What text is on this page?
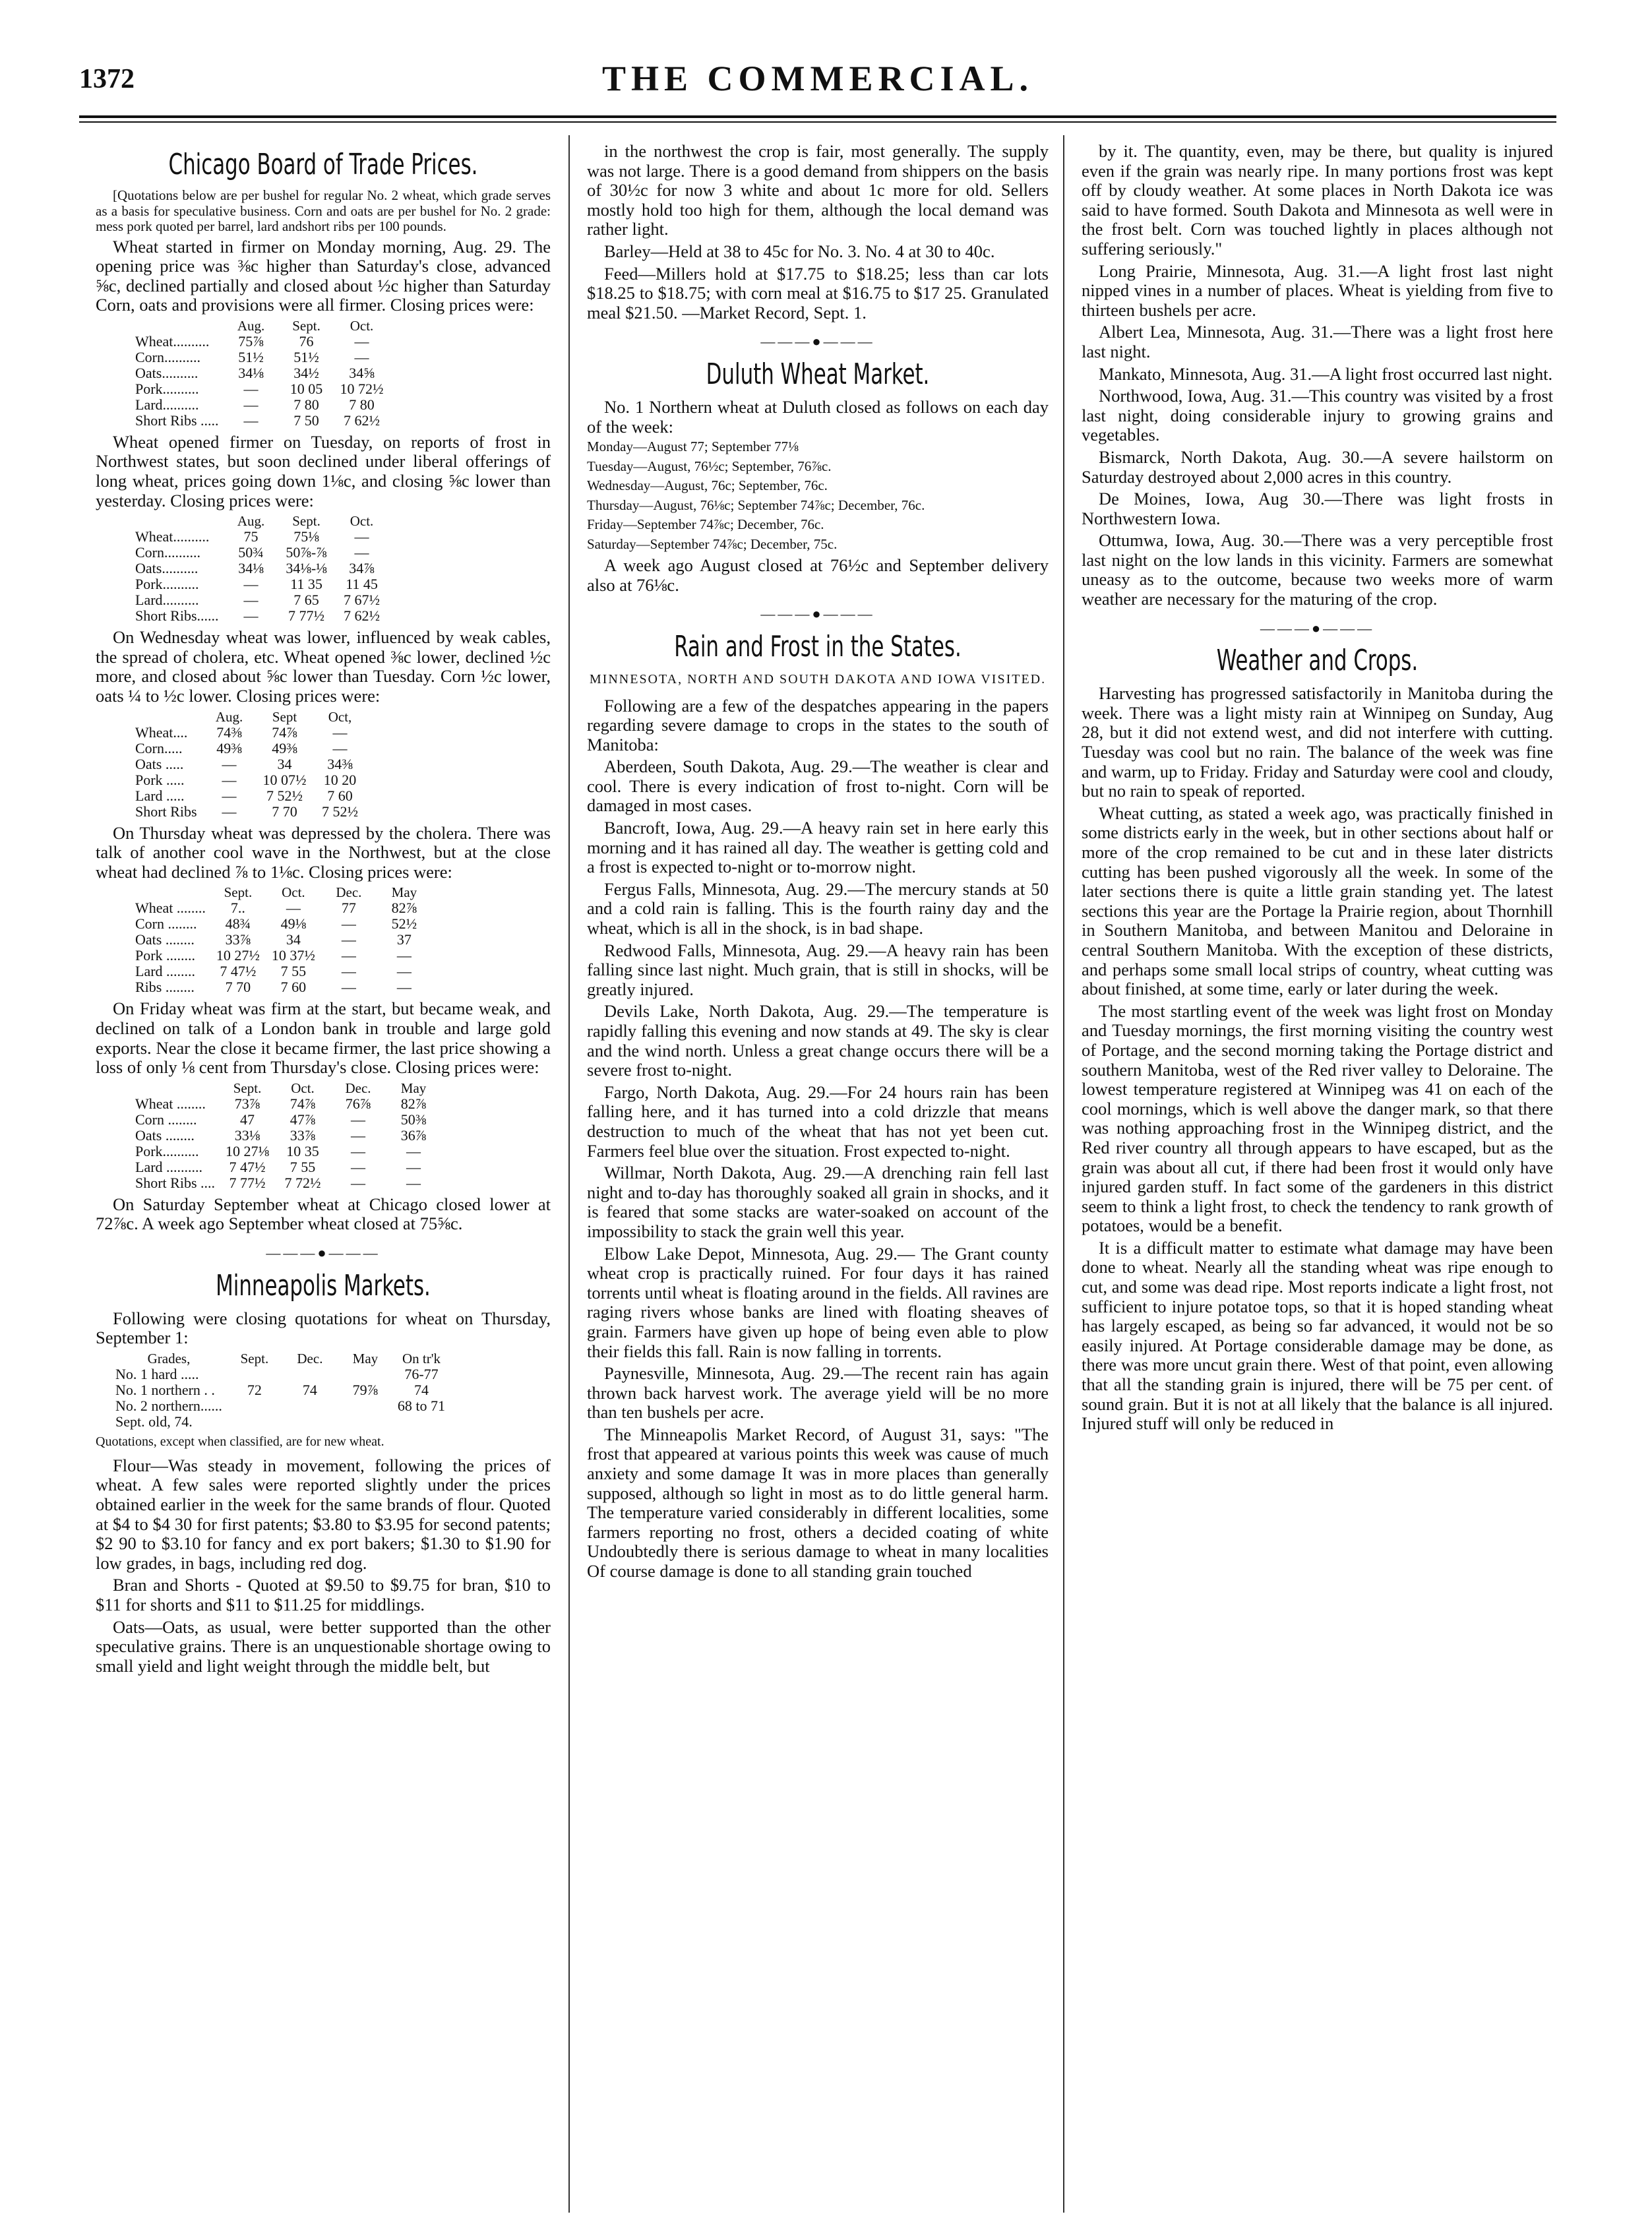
1372	THE COMMERCIAL.
Chicago Board of Trade Prices.

[Quotations below are per bushel for regular No. 2 wheat, which grade serves as a basis for speculative business. Corn and oats are per bushel for No. 2 grade: mess pork quoted per barrel, lard andshort ribs per 100 pounds.

Wheat started in firmer on Monday morning, Aug. 29. The opening price was ⅜c higher than Saturday's close, advanced ⅝c, declined partially and closed about ½c higher than Saturday Corn, oats and provisions were all firmer. Closing prices were:

	Aug.	Sept.	Oct.
Wheat..........	75⅞	76	—
Corn..........	51½	51½	—
Oats..........	34⅛	34½	34⅝
Pork..........	—	10 05	10 72½
Lard..........	—	7 80	7 80
Short Ribs .....	—	7 50	7 62½

Wheat opened firmer on Tuesday, on reports of frost in Northwest states, but soon declined under liberal offerings of long wheat, prices going down 1⅛c, and closing ⅝c lower than yesterday. Closing prices were:

	Aug.	Sept.	Oct.
Wheat..........	75	75⅛	—
Corn..........	50¾	50⅞-⅞	—
Oats..........	34⅛	34⅛-⅛	34⅞
Pork..........	—	11 35	11 45
Lard..........	—	7 65	7 67½
Short Ribs......	—	7 77½	7 62½

On Wednesday wheat was lower, influenced by weak cables, the spread of cholera, etc. Wheat opened ⅜c lower, declined ½c more, and closed about ⅝c lower than Tuesday. Corn ½c lower, oats ¼ to ½c lower. Closing prices were:

	Aug.	Sept	Oct,
Wheat....	74⅜	74⅞	—
Corn.....	49⅜	49⅜	—
Oats .....	—	34	34⅜
Pork .....	—	10 07½	10 20
Lard .....	—	7 52½	7 60
Short Ribs	—	7 70	7 52½

On Thursday wheat was depressed by the cholera. There was talk of another cool wave in the Northwest, but at the close wheat had declined ⅞ to 1⅛c. Closing prices were:

	Sept.	Oct.	Dec.	May
Wheat ........	7..	—	77	82⅞
Corn ........	48¾	49⅛	—	52½
Oats ........	33⅞	34	—	37
Pork ........	10 27½	10 37½	—	—
Lard ........	7 47½	7 55	—	—
Ribs ........	7 70	7 60	—	—

On Friday wheat was firm at the start, but became weak, and declined on talk of a London bank in trouble and large gold exports. Near the close it became firmer, the last price showing a loss of only ⅛ cent from Thursday's close. Closing prices were:

	Sept.	Oct.	Dec.	May
Wheat ........	73⅞	74⅞	76⅞	82⅞
Corn ........	47	47⅞	—	50⅜
Oats ........	33⅛	33⅞	—	36⅞
Pork..........	10 27⅛	10 35	—	—
Lard ..........	7 47½	7 55	—	—
Short Ribs ....	7 77½	7 72½	—	—

On Saturday September wheat at Chicago closed lower at 72⅞c. A week ago September wheat closed at 75⅝c.

———●———
Minneapolis Markets.

Following were closing quotations for wheat on Thursday, September 1:

Grades,	Sept.	Dec.	May	On tr'k
No. 1 hard .....				76-77
No. 1 northern . .	72	74	79⅞	74
No. 2 northern......				68 to 71
Sept. old, 74.				

Quotations, except when classified, are for new wheat.

Flour—Was steady in movement, following the prices of wheat. A few sales were reported slightly under the prices obtained earlier in the week for the same brands of flour. Quoted at $4 to $4 30 for first patents; $3.80 to $3.95 for second patents; $2 90 to $3.10 for fancy and ex port bakers; $1.30 to $1.90 for low grades, in bags, including red dog.

Bran and Shorts - Quoted at $9.50 to $9.75 for bran, $10 to $11 for shorts and $11 to $11.25 for middlings.

Oats—Oats, as usual, were better supported than the other speculative grains. There is an unquestionable shortage owing to small yield and light weight through the middle belt, but

in the northwest the crop is fair, most generally. The supply was not large. There is a good demand from shippers on the basis of 30½c for now 3 white and about 1c more for old. Sellers mostly hold too high for them, although the local demand was rather light.

Barley—Held at 38 to 45c for No. 3. No. 4 at 30 to 40c.

Feed—Millers hold at $17.75 to $18.25; less than car lots $18.25 to $18.75; with corn meal at $16.75 to $17 25. Granulated meal $21.50. —Market Record, Sept. 1.

———●———
Duluth Wheat Market.

No. 1 Northern wheat at Duluth closed as follows on each day of the week:

Monday—August 77; September 77⅛
Tuesday—August, 76½c; September, 76⅞c.
Wednesday—August, 76c; September, 76c.
Thursday—August, 76⅛c; September 74⅞c; December, 76c.
Friday—September 74⅞c; December, 76c.
Saturday—September 74⅞c; December, 75c.

A week ago August closed at 76½c and September delivery also at 76⅛c.

———●———
Rain and Frost in the States.

MINNESOTA, NORTH AND SOUTH DAKOTA AND IOWA VISITED.

Following are a few of the despatches appearing in the papers regarding severe damage to crops in the states to the south of Manitoba:

Aberdeen, South Dakota, Aug. 29.—The weather is clear and cool. There is every indication of frost to-night. Corn will be damaged in most cases.

Bancroft, Iowa, Aug. 29.—A heavy rain set in here early this morning and it has rained all day. The weather is getting cold and a frost is expected to-night or to-morrow night.

Fergus Falls, Minnesota, Aug. 29.—The mercury stands at 50 and a cold rain is falling. This is the fourth rainy day and the wheat, which is all in the shock, is in bad shape.

Redwood Falls, Minnesota, Aug. 29.—A heavy rain has been falling since last night. Much grain, that is still in shocks, will be greatly injured.

Devils Lake, North Dakota, Aug. 29.—The temperature is rapidly falling this evening and now stands at 49. The sky is clear and the wind north. Unless a great change occurs there will be a severe frost to-night.

Fargo, North Dakota, Aug. 29.—For 24 hours rain has been falling here, and it has turned into a cold drizzle that means destruction to much of the wheat that has not yet been cut. Farmers feel blue over the situation. Frost expected to-night.

Willmar, North Dakota, Aug. 29.—A drenching rain fell last night and to-day has thoroughly soaked all grain in shocks, and it is feared that some stacks are water-soaked on account of the impossibility to stack the grain well this year.

Elbow Lake Depot, Minnesota, Aug. 29.— The Grant county wheat crop is practically ruined. For four days it has rained torrents until wheat is floating around in the fields. All ravines are raging rivers whose banks are lined with floating sheaves of grain. Farmers have given up hope of being even able to plow their fields this fall. Rain is now falling in torrents.

Paynesville, Minnesota, Aug. 29.—The recent rain has again thrown back harvest work. The average yield will be no more than ten bushels per acre.

The Minneapolis Market Record, of August 31, says: "The frost that appeared at various points this week was cause of much anxiety and some damage It was in more places than generally supposed, although so light in most as to do little general harm. The temperature varied considerably in different localities, some farmers reporting no frost, others a decided coating of white Undoubtedly there is serious damage to wheat in many localities Of course damage is done to all standing grain touched

by it. The quantity, even, may be there, but quality is injured even if the grain was nearly ripe. In many portions frost was kept off by cloudy weather. At some places in North Dakota ice was said to have formed. South Dakota and Minnesota as well were in the frost belt. Corn was touched lightly in places although not suffering seriously."

Long Prairie, Minnesota, Aug. 31.—A light frost last night nipped vines in a number of places. Wheat is yielding from five to thirteen bushels per acre.

Albert Lea, Minnesota, Aug. 31.—There was a light frost here last night.

Mankato, Minnesota, Aug. 31.—A light frost occurred last night.

Northwood, Iowa, Aug. 31.—This country was visited by a frost last night, doing considerable injury to growing grains and vegetables.

Bismarck, North Dakota, Aug. 30.—A severe hailstorm on Saturday destroyed about 2,000 acres in this country.

De Moines, Iowa, Aug 30.—There was light frosts in Northwestern Iowa.

Ottumwa, Iowa, Aug. 30.—There was a very perceptible frost last night on the low lands in this vicinity. Farmers are somewhat uneasy as to the outcome, because two weeks more of warm weather are necessary for the maturing of the crop.

———●———
Weather and Crops.

Harvesting has progressed satisfactorily in Manitoba during the week. There was a light misty rain at Winnipeg on Sunday, Aug 28, but it did not extend west, and did not interfere with cutting. Tuesday was cool but no rain. The balance of the week was fine and warm, up to Friday. Friday and Saturday were cool and cloudy, but no rain to speak of reported.

Wheat cutting, as stated a week ago, was practically finished in some districts early in the week, but in other sections about half or more of the crop remained to be cut and in these later districts cutting has been pushed vigorously all the week. In some of the later sections there is quite a little grain standing yet. The latest sections this year are the Portage la Prairie region, about Thornhill in Southern Manitoba, and between Manitou and Deloraine in central Southern Manitoba. With the exception of these districts, and perhaps some small local strips of country, wheat cutting was about finished, at some time, early or later during the week.

The most startling event of the week was light frost on Monday and Tuesday mornings, the first morning visiting the country west of Portage, and the second morning taking the Portage district and southern Manitoba, west of the Red river valley to Deloraine. The lowest temperature registered at Winnipeg was 41 on each of the cool mornings, which is well above the danger mark, so that there was nothing approaching frost in the Winnipeg district, and the Red river country all through appears to have escaped, but as the grain was about all cut, if there had been frost it would only have injured garden stuff. In fact some of the gardeners in this district seem to think a light frost, to check the tendency to rank growth of potatoes, would be a benefit.

It is a difficult matter to estimate what damage may have been done to wheat. Nearly all the standing wheat was ripe enough to cut, and some was dead ripe. Most reports indicate a light frost, not sufficient to injure potatoe tops, so that it is hoped standing wheat has largely escaped, as being so far advanced, it would not be so easily injured. At Portage considerable damage may be done, as there was more uncut grain there. West of that point, even allowing that all the standing grain is injured, there will be 75 per cent. of sound grain. But it is not at all likely that the balance is all injured. Injured stuff will only be reduced in
